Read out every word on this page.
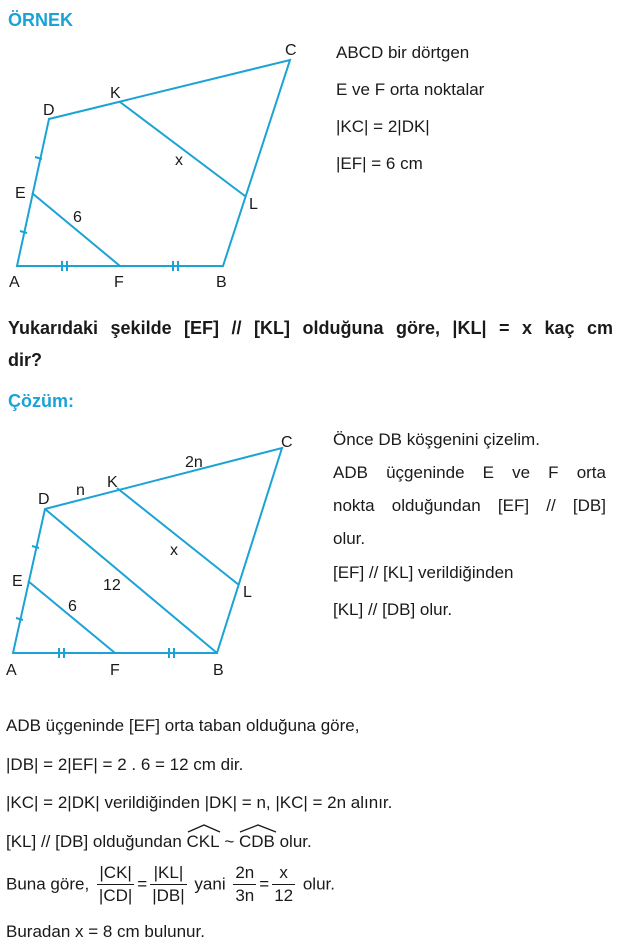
ÖRNEK
A	B
C
D
E
F
K
L
x
6
ABCD bir dörtgen
E ve F orta noktalar
|KC| = 2|DK|
|EF| = 6 cm
Yukarıdaki şekilde [EF] // [KL] olduğuna göre, |KL| = x kaç cm
dir?
Çözüm:
A	B
C
D
E
F
K
L
x
6
12
n
2n
Önce DB köşgenini çizelim.
ADB üçgeninde E ve F orta
nokta olduğundan [EF] // [DB]
olur.
[EF] // [KL] verildiğinden
[KL] // [DB] olur.
ADB üçgeninde [EF] orta taban olduğuna göre,
|DB| = 2|EF| = 2 . 6 = 12 cm dir.
|KC| = 2|DK| verildiğinden |DK| = n, |KC| = 2n alınır.
[KL] // [DB] olduğundan
CKL ~
CDB olur.
Buna göre, $\frac{|CK|}{|CD|} = \frac{|KL|}{|DB|}$ yani $\frac{2n}{3n} = \frac{x}{12}$ olur.
Buradan x = 8 cm bulunur.
